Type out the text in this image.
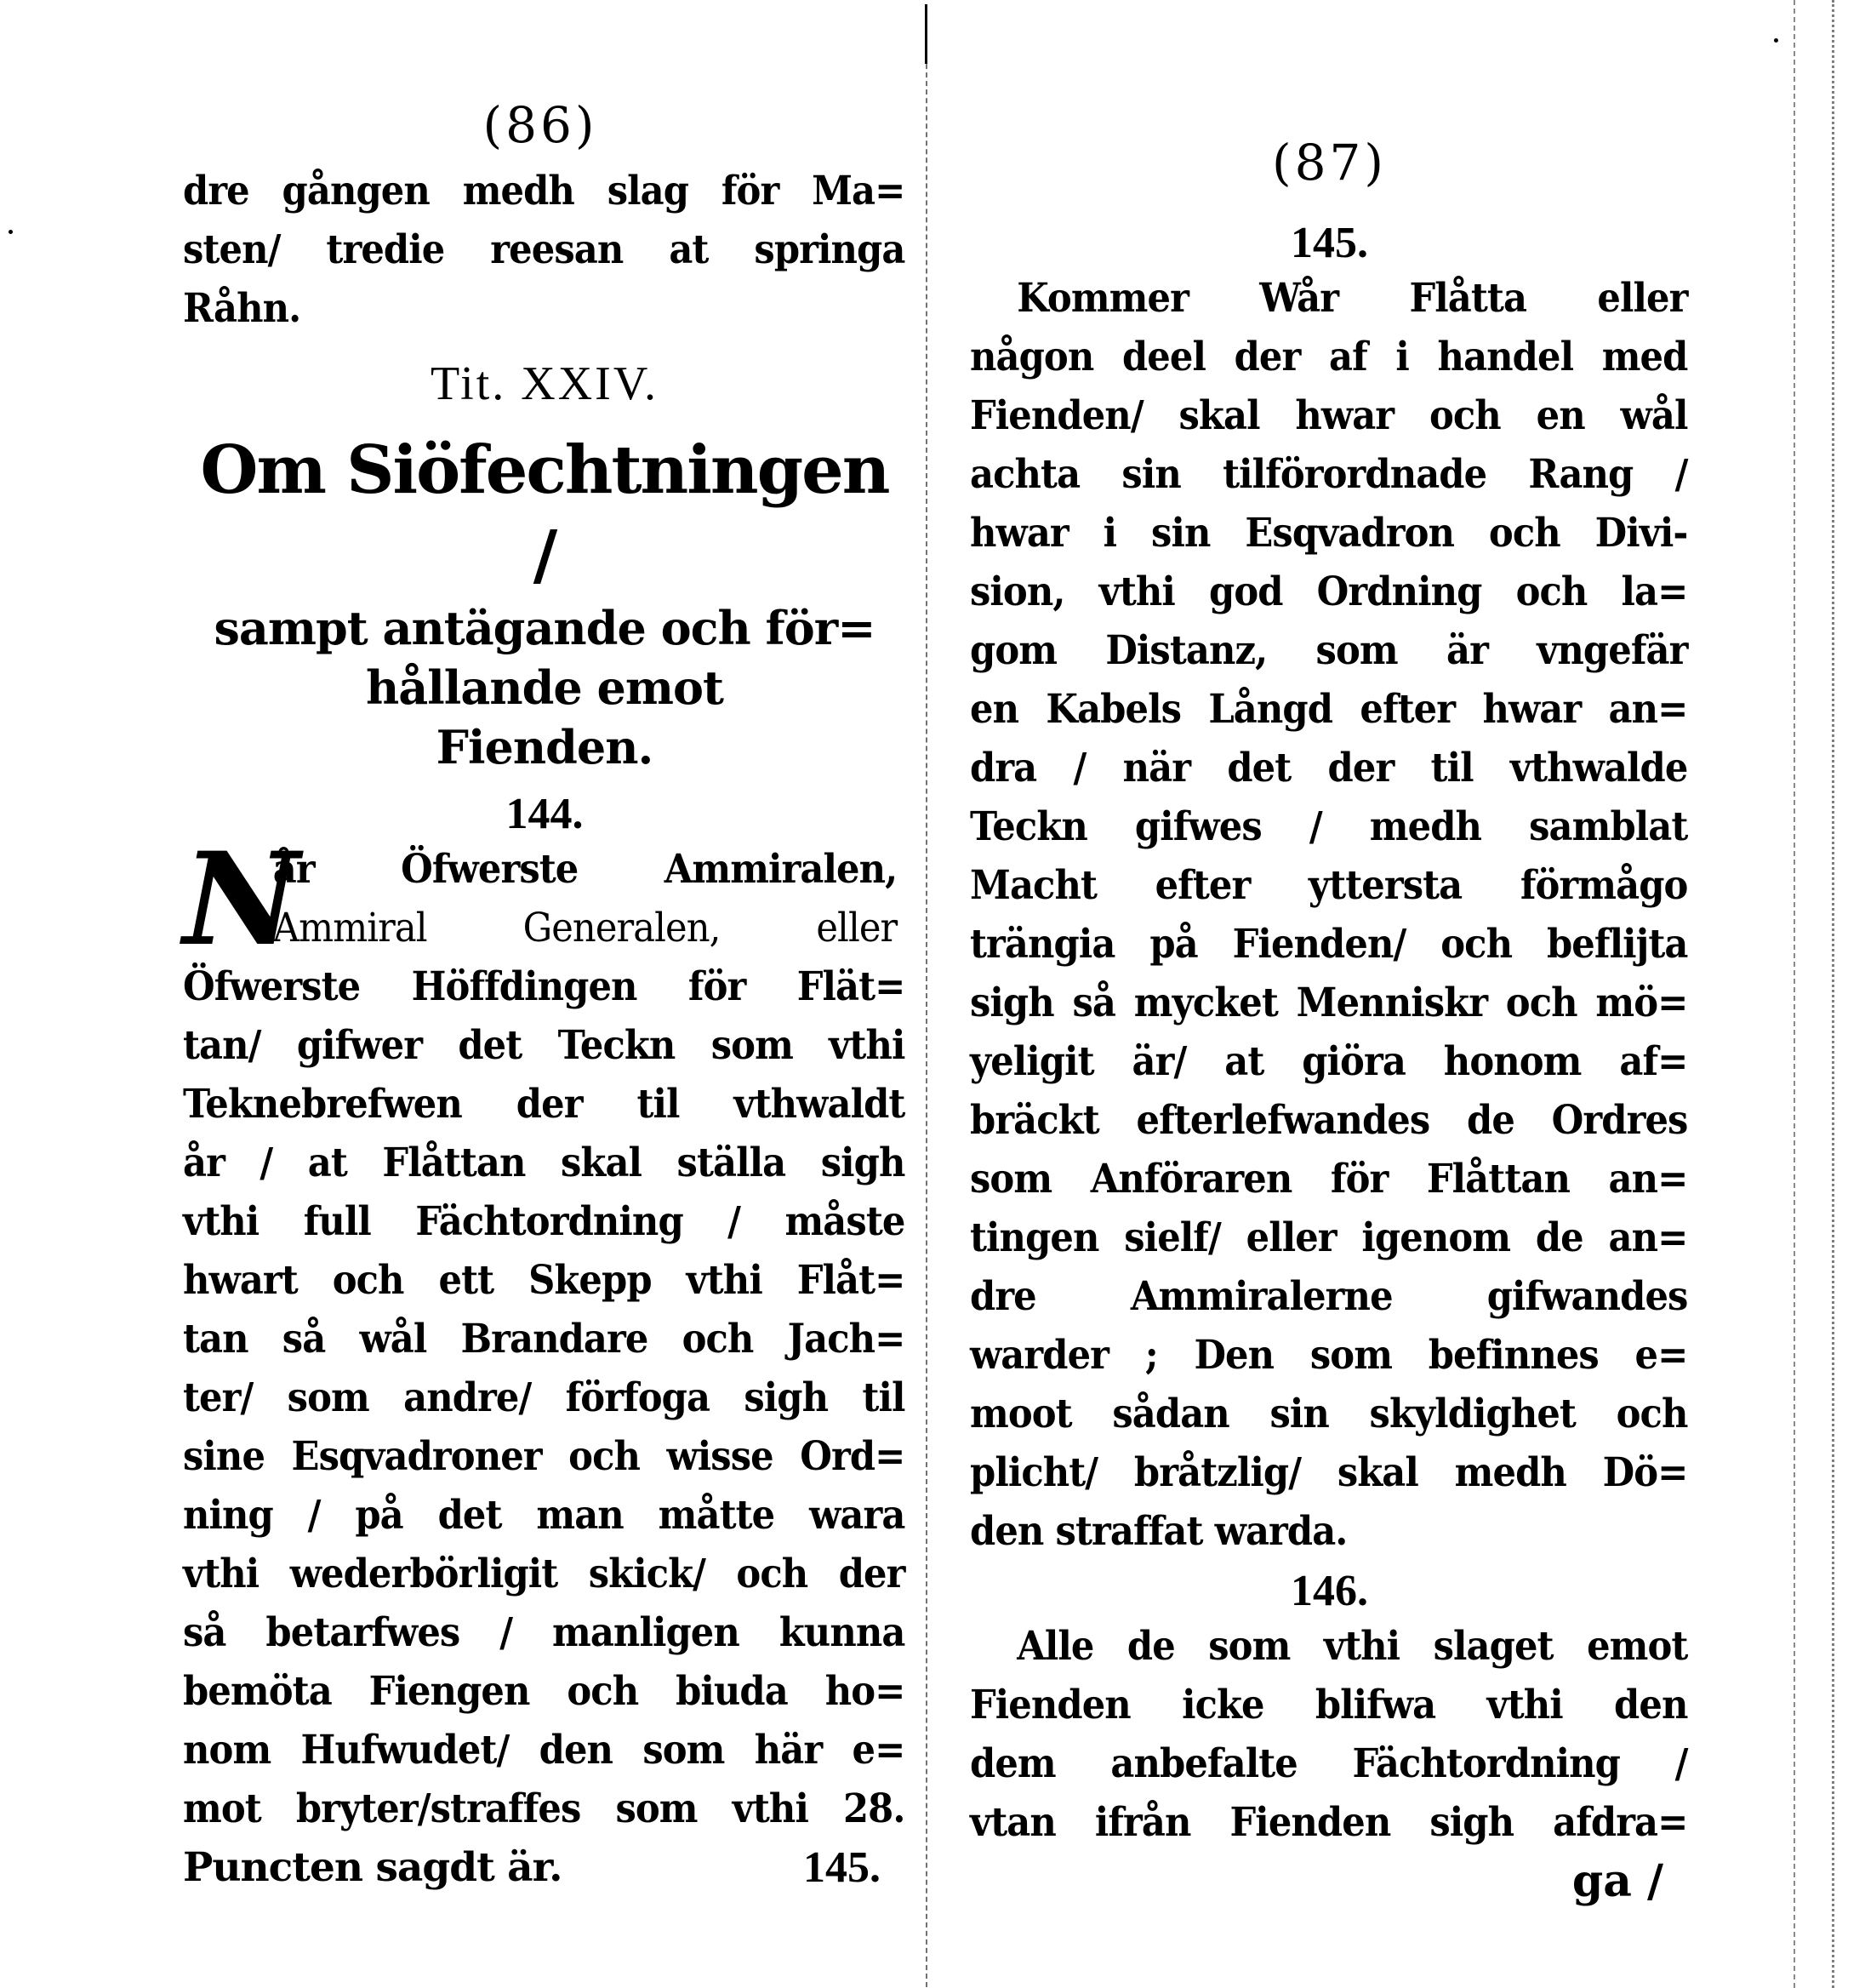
(86)
dre gången medh slag för Ma=
sten/ tredie reesan at springa
Råhn.
Tit. XXIV.
Om Siöfechtningen /
sampt antägande och för=
hållande emot
Fienden.
144.
N
år Öfwerste Ammiralen,
Ammiral Generalen, eller
Öfwerste Höffdingen för Flät=
tan/ gifwer det Teckn som vthi
Teknebrefwen der til vthwaldt
år / at Flåttan skal ställa sigh
vthi full Fächtordning / måste
hwart och ett Skepp vthi Flåt=
tan så wål Brandare och Jach=
ter/ som andre/ förfoga sigh til
sine Esqvadroner och wisse Ord=
ning / på det man måtte wara
vthi wederbörligit skick/ och der
så betarfwes / manligen kunna
bemöta Fiengen och biuda ho=
nom Hufwudet/ den som här e=
mot bryter/straffes som vthi 28.
Puncten sagdt är.	145.
(87)
145.
Kommer Wår Flåtta eller
någon deel der af i handel med
Fienden/ skal hwar och en wål
achta sin tilförordnade Rang /
hwar i sin Esqvadron och Divi-
sion, vthi god Ordning och la=
gom Distanz, som är vngefär
en Kabels Långd efter hwar an=
dra / när det der til vthwalde
Teckn gifwes / medh samblat
Macht efter yttersta förmågo
trängia på Fienden/ och beflijta
sigh så mycket Menniskr och mö=
yeligit är/ at giöra honom af=
bräckt efterlefwandes de Ordres
som Anföraren för Flåttan an=
tingen sielf/ eller igenom de an=
dre Ammiralerne gifwandes
warder ; Den som befinnes e=
moot sådan sin skyldighet och
plicht/ bråtzlig/ skal medh Dö=
den straffat warda.
146.
Alle de som vthi slaget emot
Fienden icke blifwa vthi den
dem anbefalte Fächtordning /
vtan ifrån Fienden sigh afdra=
ga /
